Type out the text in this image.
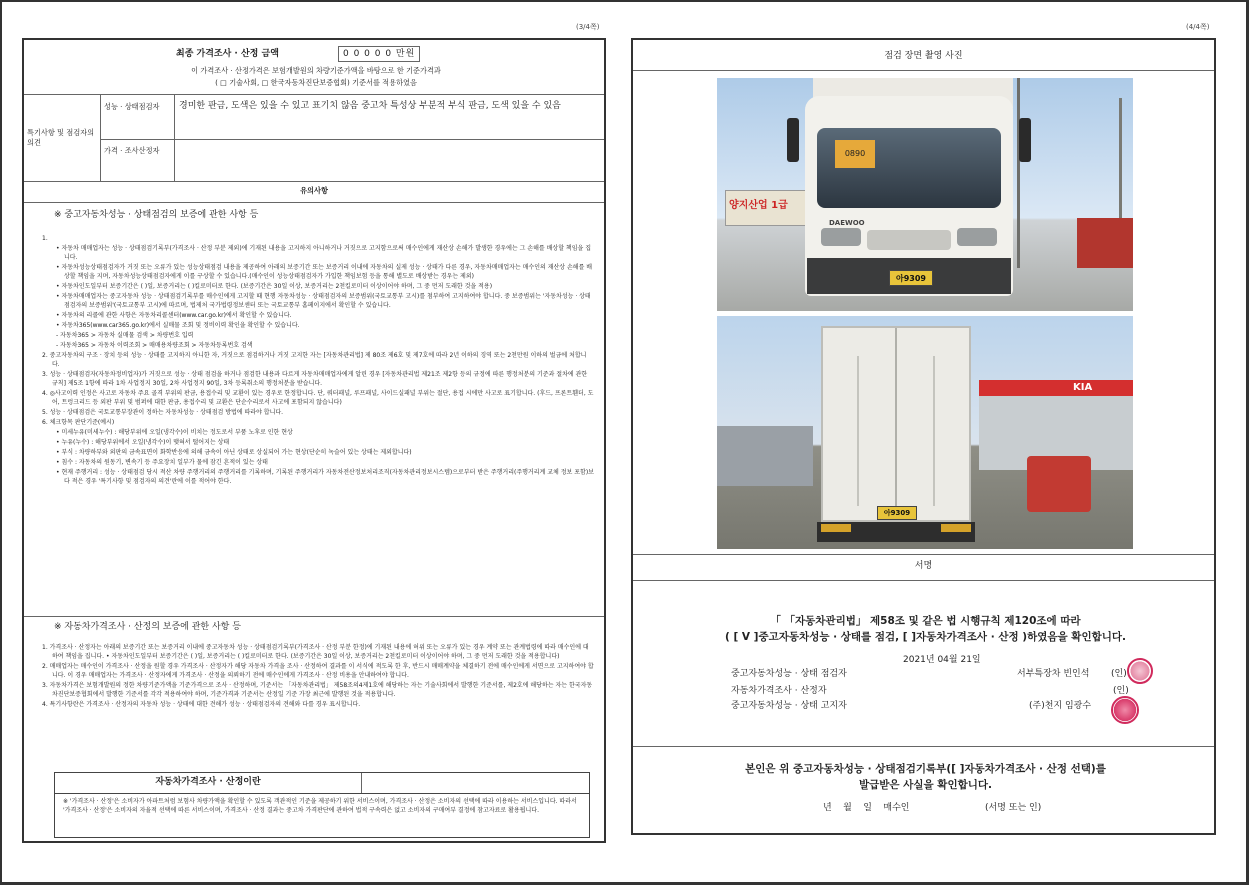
(3/4쪽)	(4/4쪽)
최종 가격조사 · 산정 금액	0 0 0 0 0 만원
이 가격조사 · 산정가격은 보험개발원의 차량기준가액을 바탕으로 한 기준가격과
( □ 기술사회, □ 한국자동차진단보증협회) 기준서를 적용하였음
특기사항 및 점검자의 의견
성능 · 상태점검자	경미한 판금, 도색은 있을 수 있고 표기치 않음 중고차 특성상 부분적 부식 판금, 도색 있을 수 있음
가격 · 조사산정자
유의사항
※ 중고자동차성능 · 상태점검의 보증에 관한 사항 등

1.

• 자동차 매매업자는 성능 · 상태점검기록부(가격조사 · 산정 부분 제외)에 기재된 내용을 고지하지 아니하거나 거짓으로 고지함으로써 매수인에게 재산상 손해가 발생한 경우에는 그 손해를 배상할 책임을 집니다.

• 자동차성능상태점검자가 거짓 또는 오류가 있는 성능상태점검 내용을 제공하여 아래의 보증기간 또는 보증거리 이내에 자동차의 실제 성능 · 상태가 다른 경우, 자동차매매업자는 매수인의 재산상 손해를 배상할 책임을 지며, 자동차성능상태점검자에게 이를 구상할 수 있습니다.(매수인이 성능상태점검자가 가입한 책임보험 등을 통해 별도로 배상받는 경우는 제외)

• 자동차인도일부터 보증기간은 ( )일, 보증거리는 ( )킬로미터로 한다. (보증기간은 30일 이상, 보증거리는 2천킬로미터 이상이어야 하며, 그 중 먼저 도래한 것을 적용)

• 자동차매매업자는 중고자동차 성능 · 상태점검기록부를 매수인에게 고지할 때 현행 자동차성능 · 상태점검자의 보증범위(국토교통부 고시)를 첨부하여 고지하여야 합니다. 중 보증범위는 '자동차성능 · 상태점검자의 보증범위'(국토교통부 고시)에 따르며, 법제처 국가법령정보센터 또는 국토교통부 홈페이지에서 확인할 수 있습니다.

• 자동차의 리콜에 관한 사항은 자동차리콜센터(www.car.go.kr)에서 확인할 수 있습니다.

• 자동차365(www.car365.go.kr)에서 실매물 조회 및 정비이력 확인을 확인할 수 있습니다.

- 자동차365 > 자동차 실매물 검색 > 차량번호 입력

- 자동차365 > 자동차 이력조회 > 매매용차량조회 > 자동차등록번호 검색

2. 중고자동차의 구조 · 장치 등의 성능 · 상태를 고지하지 아니한 자, 거짓으로 점검하거나 거짓 고지한 자는 [자동차관리법] 제 80조 제6호 및 제7호에 따라 2년 이하의 징역 또는 2천만원 이하의 벌금에 처합니다.

3. 성능 · 상태점검자(자동차정비업자)가 거짓으로 성능 · 상태 점검을 하거나 점검한 내용과 다르게 자동차매매업자에게 알린 경우 [자동차관리법 제21조 제2항 등의 규정에 따른 행정처분의 기준과 절차에 관한 규칙] 제5조 1항에 따라 1차 사업정지 30일, 2차 사업정지 90일, 3차 등록취소의 행정처분을 받습니다.

4. ◎사고이력 인정은 사고로 자동차 주요 골격 부위의 판금, 용접수리 및 교환이 있는 경우로 한정합니다. 단, 쿼터패널, 루프패널, 사이드실패널 부위는 절단, 용접 시에만 사고로 표기합니다. (후드, 프론트휀더, 도어, 트렁크리드 등 외판 부위 및 범퍼에 대한 판금, 용접수리 및 교환은 단순수리로서 사고에 포함되지 않습니다)

5. 성능 · 상태점검은 국토교통부장관이 정하는 자동차성능 · 상태점검 방법에 따라야 합니다.

6. 체크항목 판단기준(예시)

• 미세누유(미세누수) : 해당부위에 오일(냉각수)이 비치는 정도로서 부품 노후로 인한 현상

• 누유(누수) : 해당부위에서 오일(냉각수)이 맺혀서 떨어지는 상태

• 부식 : 차량하부와 외판의 금속표면이 화학반응에 의해 금속이 아닌 상태로 상실되어 가는 현상(단순히 녹슬어 있는 상태는 제외합니다)

• 침수 : 자동차의 원동기, 변속기 등 주요장치 일부가 물에 잠긴 흔적이 있는 상태

• 현재 주행거리 : 성능 · 상태점검 당시 적산 차량 주행거리의 주행거리를 기록하며, 기록된 주행거리가 자동차전산정보처리조직(자동차관리정보시스템)으로부터 받은 주행거리(주행거리계 교체 정보 포함)보다 적은 경우 '특기사항 및 점검자의 의견'란에 이를 적어야 한다.

※ 자동차가격조사 · 산정의 보증에 관한 사항 등

1. 가격조사 · 산정자는 아래의 보증기간 또는 보증거리 이내에 중고자동차 성능 · 상태점검기록부(가격조사 · 산정 부분 한정)에 기재된 내용에 허위 또는 오류가 있는 경우 계약 또는 관계법령에 따라 매수인에 대하여 책임을 집니다. • 자동차인도일부터 보증기간은 ( )일, 보증거리는 ( )킬로미터로 한다. (보증기간은 30일 이상, 보증거리는 2천킬로미터 이상이어야 하며, 그 중 먼저 도래한 것을 적용합니다)

2. 매매업자는 매수인이 가격조사 · 산정을 원할 경우 가격조사 · 산정자가 해당 자동차 가격을 조사 · 산정하여 결과를 이 서식에 적도록 한 후, 반드시 매매계약을 체결하기 전에 매수인에게 서면으로 고지하여야 합니다. 이 경우 매매업자는 가격조사 · 산정자에게 가격조사 · 산정을 의뢰하기 전에 매수인에게 가격조사 · 산정 비용을 안내하여야 합니다.

3. 자동차가격은 보험개발원의 정한 차량기준가액을 기준가격으로 조사 · 산정하며, 기준서는 「자동차관리법」 제58조의4제1호에 해당하는 자는 기술사회에서 발행한 기준서를, 제2호에 해당하는 자는 한국자동차진단보증협회에서 발행한 기준서를 각각 적용하여야 하며, 기준가격과 기준서는 산정일 기준 가장 최근에 발행된 것을 적용합니다.

4. 특기사항란은 가격조사 · 산정자의 자동차 성능 · 상태에 대한 견해가 성능 · 상태점검자의 견해와 다를 경우 표시합니다.

자동차가격조사 · 산정이란
※ '가격조사 · 산정'은 소비자가 아파트처럼 보험사 차량가액을 확인할 수 있도록 객관적인 기준을 제공하기 위한 서비스이며, 가격조사 · 산정은 소비자의 선택에 따라 이용하는 서비스입니다. 따라서 '가격조사 · 산정'은 소비자의 자율적 선택에 따른 서비스이며, 가격조사 · 산정 결과는 중고차 가격판단에 관하여 법적 구속력은 없고 소비자의 구매여부 결정에 참고자료로 활용됩니다.
점검 장면 촬영 사진
양지산업 1급
0890
DAEWOO
아9309
KIA
아9309
서명
「 「자동차관리법」 제58조 및 같은 법 시행규칙 제120조에 따라
( [ V ]중고자동차성능 · 상태를 점검, [ ]자동차가격조사 · 산정 )하였음을 확인합니다.
2021년 04월 21일
중고자동차성능 · 상태 점검자	서부특장차 빈인석 (인)
자동차가격조사 · 산정자	(인)
중고자동차성능 · 상태 고지자	(주)천지 임광수
본인은 위 중고자동차성능 · 상태점검기록부([ ]자동차가격조사 · 산정 선택)를
발급받은 사실을 확인합니다.
년    월    일    매수인	(서명 또는 인)
